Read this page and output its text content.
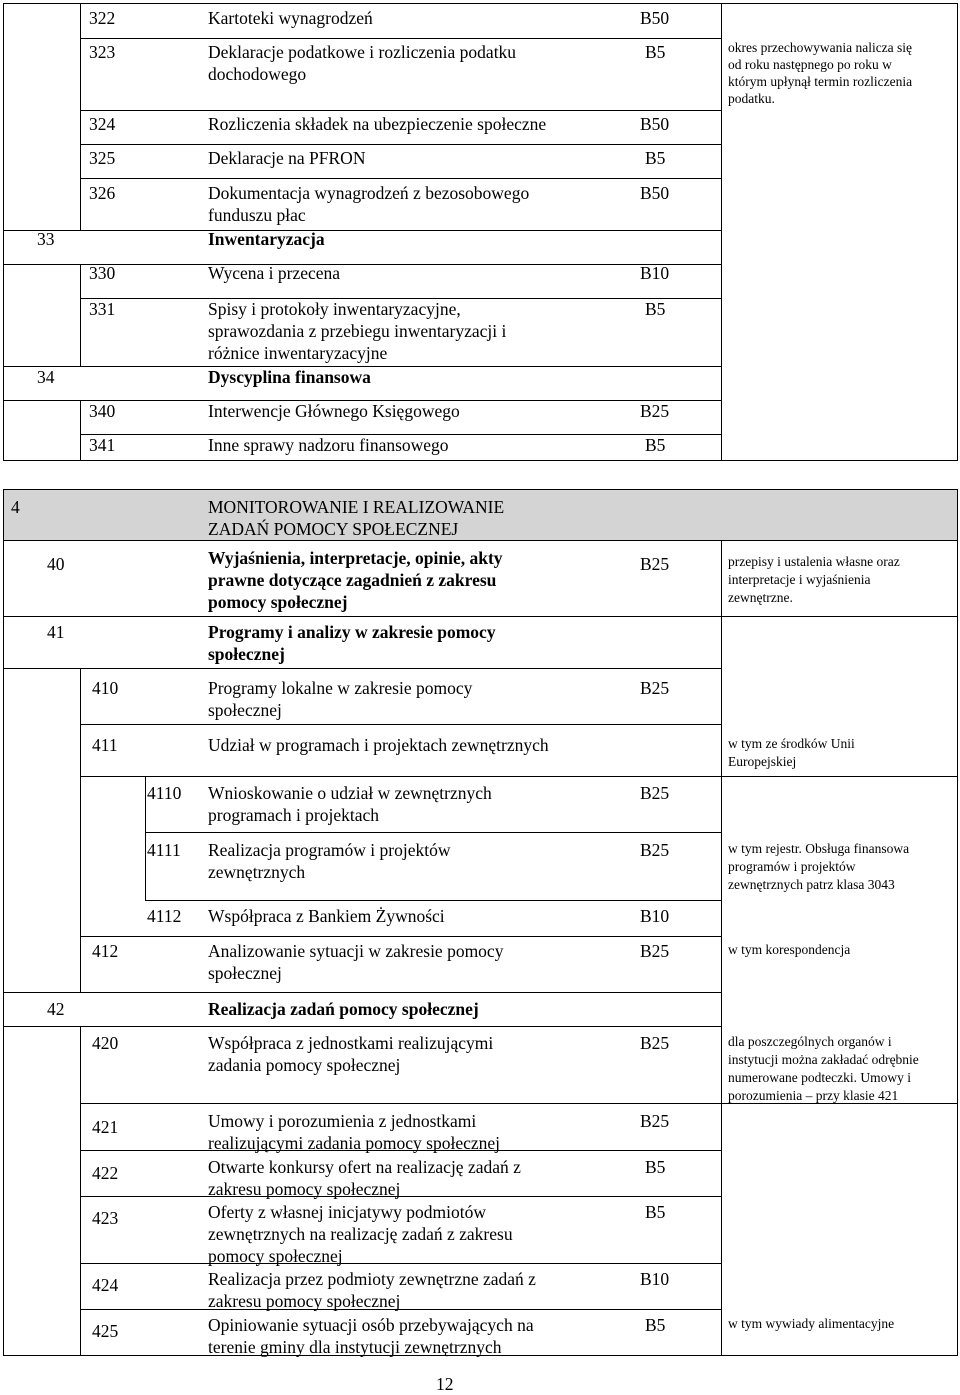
322	Kartoteki wynagrodzeń	B50
323	Deklaracje podatkowe i rozliczenia podatku
dochodowego
B5	okres przechowywania nalicza się
od roku następnego po roku w
którym upłynął termin rozliczenia
podatku.
324	Rozliczenia składek na ubezpieczenie społeczne	B50
325	Deklaracje na PFRON	B5
326	Dokumentacja wynagrodzeń z bezosobowego
funduszu płac
B50
33	Inwentaryzacja
330	Wycena i przecena	B10
331	Spisy i protokoły inwentaryzacyjne,
sprawozdania z przebiegu inwentaryzacji i
różnice inwentaryzacyjne
B5
34	Dyscyplina finansowa
340	Interwencje Głównego Księgowego	B25
341	Inne sprawy nadzoru finansowego	B5
4	MONITOROWANIE I REALIZOWANIE
ZADAŃ POMOCY SPOŁECZNEJ
40	Wyjaśnienia, interpretacje, opinie, akty
prawne dotyczące zagadnień z zakresu
pomocy społecznej
B25	przepisy i ustalenia własne oraz
interpretacje i wyjaśnienia
zewnętrzne.
41	Programy i analizy w zakresie pomocy
społecznej
410	Programy lokalne w zakresie pomocy
społecznej
B25
411	Udział w programach i projektach zewnętrznych	w tym ze środków Unii
Europejskiej
4110 Wnioskowanie o udział w zewnętrznych
programach i projektach
B25
4111 Realizacja programów i projektów
zewnętrznych
B25	w tym rejestr. Obsługa finansowa
programów i projektów
zewnętrznych patrz klasa 3043
4112 Współpraca z Bankiem Żywności	B10
412	Analizowanie sytuacji w zakresie pomocy
społecznej
B25	w tym korespondencja
42	Realizacja zadań pomocy społecznej
420	Współpraca z jednostkami realizującymi
zadania pomocy społecznej
B25	dla poszczególnych organów i
instytucji można zakładać odrębnie
numerowane podteczki. Umowy i
porozumienia – przy klasie 421
421	Umowy i porozumienia z jednostkami
realizującymi zadania pomocy społecznej
B25
422	Otwarte konkursy ofert na realizację zadań z
zakresu pomocy społecznej
B5
423	Oferty z własnej inicjatywy podmiotów
zewnętrznych na realizację zadań z zakresu
pomocy społecznej
B5
424	Realizacja przez podmioty zewnętrzne zadań z
zakresu pomocy społecznej
B10
425	Opiniowanie sytuacji osób przebywających na
terenie gminy dla instytucji zewnętrznych
B5	w tym wywiady alimentacyjne
12
